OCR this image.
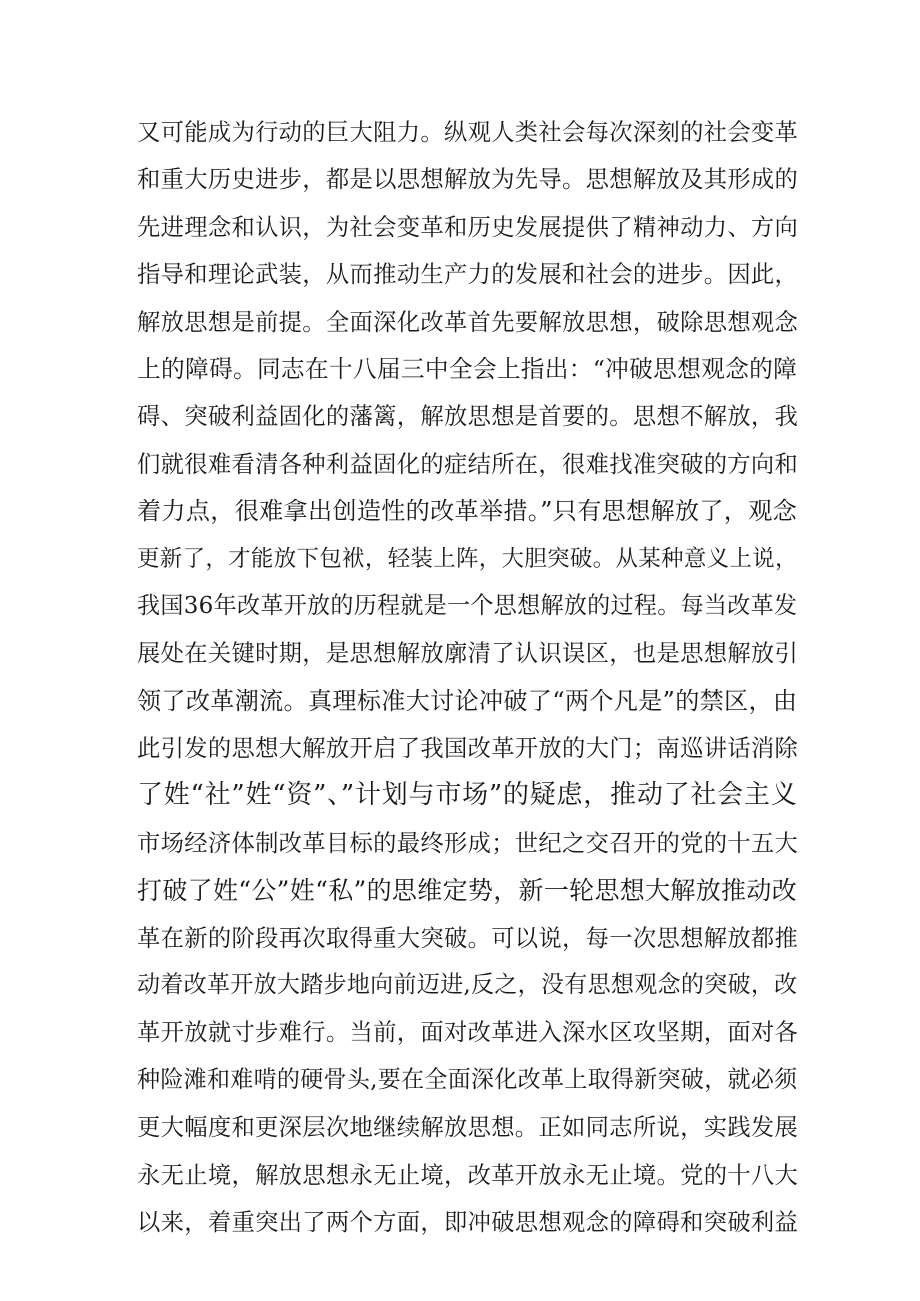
又可能成为行动的巨大阻力。纵观人类社会每次深刻的社会变革
和重大历史进步，都是以思想解放为先导。思想解放及其形成的
先进理念和认识，为社会变革和历史发展提供了精神动力、方向
指导和理论武装，从而推动生产力的发展和社会的进步。因此，
解放思想是前提。全面深化改革首先要解放思想，破除思想观念
上的障碍。同志在十八届三中全会上指出：“冲破思想观念的障
碍、突破利益固化的藩篱，解放思想是首要的。思想不解放，我
们就很难看清各种利益固化的症结所在，很难找准突破的方向和
着力点，很难拿出创造性的改革举措。”只有思想解放了，观念
更新了，才能放下包袱，轻装上阵，大胆突破。从某种意义上说，
我国36年改革开放的历程就是一个思想解放的过程。每当改革发
展处在关键时期，是思想解放廓清了认识误区，也是思想解放引
领了改革潮流。真理标准大讨论冲破了“两个凡是”的禁区，由
此引发的思想大解放开启了我国改革开放的大门；南巡讲话消除
了姓“社”姓“资”、”计划与市场”的疑虑，推动了社会主义
市场经济体制改革目标的最终形成；世纪之交召开的党的十五大
打破了姓“公”姓“私”的思维定势，新一轮思想大解放推动改
革在新的阶段再次取得重大突破。可以说，每一次思想解放都推
动着改革开放大踏步地向前迈进,反之，没有思想观念的突破，改
革开放就寸步难行。当前，面对改革进入深水区攻坚期，面对各
种险滩和难啃的硬骨头,要在全面深化改革上取得新突破，就必须
更大幅度和更深层次地继续解放思想。正如同志所说，实践发展
永无止境，解放思想永无止境，改革开放永无止境。党的十八大
以来，着重突出了两个方面，即冲破思想观念的障碍和突破利益
